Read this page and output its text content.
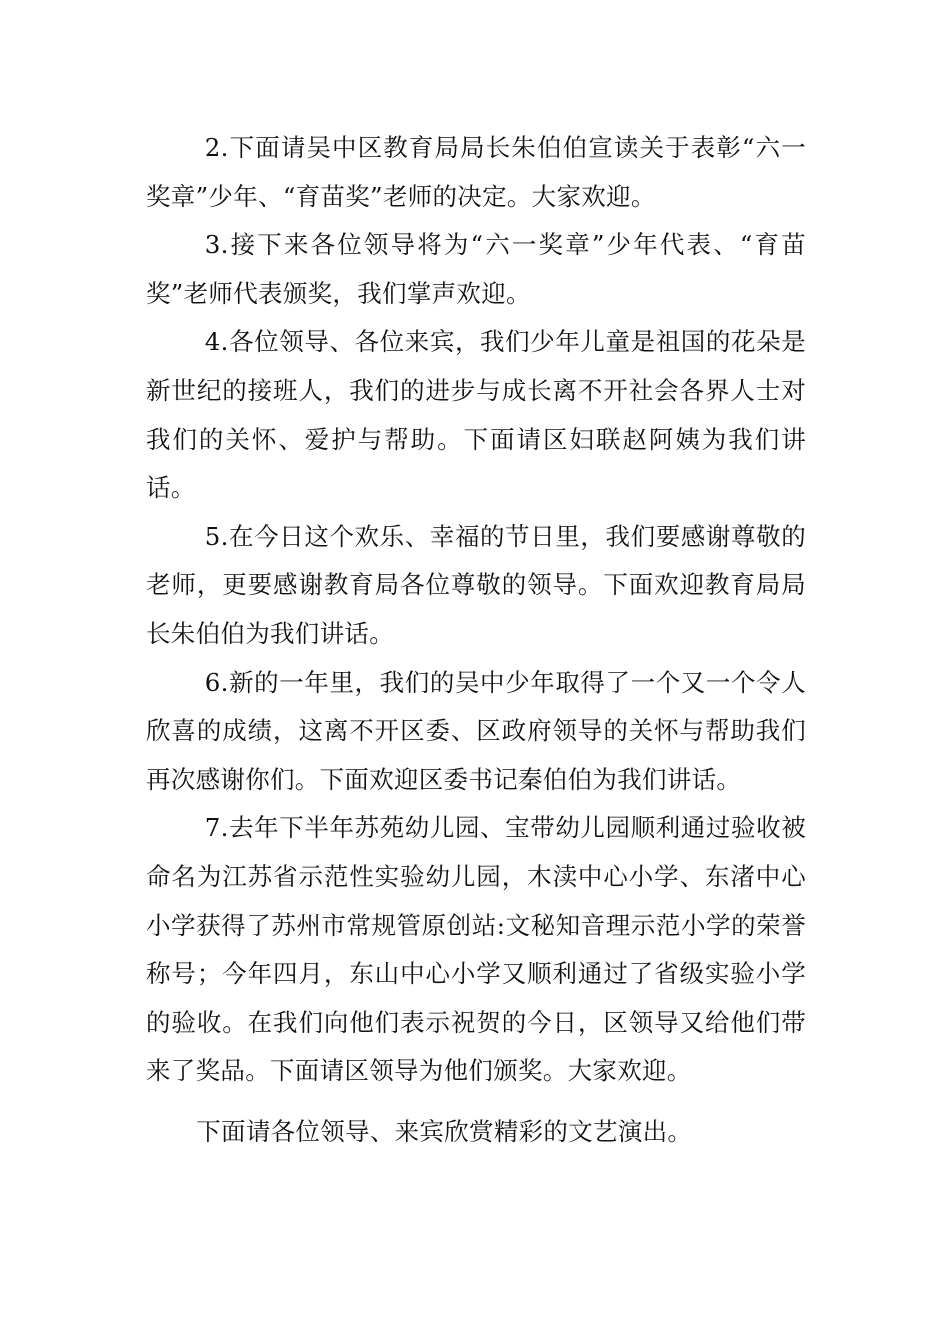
2.下面请吴中区教育局局长朱伯伯宣读关于表彰“六一奖章”少年、“育苗奖”老师的决定。大家欢迎。

3.接下来各位领导将为“六一奖章”少年代表、“育苗奖”老师代表颁奖，我们掌声欢迎。

4.各位领导、各位来宾，我们少年儿童是祖国的花朵是新世纪的接班人，我们的进步与成长离不开社会各界人士对我们的关怀、爱护与帮助。下面请区妇联赵阿姨为我们讲话。

5.在今日这个欢乐、幸福的节日里，我们要感谢尊敬的老师，更要感谢教育局各位尊敬的领导。下面欢迎教育局局长朱伯伯为我们讲话。

6.新的一年里，我们的吴中少年取得了一个又一个令人欣喜的成绩，这离不开区委、区政府领导的关怀与帮助我们再次感谢你们。下面欢迎区委书记秦伯伯为我们讲话。

7.去年下半年苏苑幼儿园、宝带幼儿园顺利通过验收被命名为江苏省示范性实验幼儿园，木渎中心小学、东渚中心小学获得了苏州市常规管原创站:文秘知音理示范小学的荣誉称号；今年四月，东山中心小学又顺利通过了省级实验小学的验收。在我们向他们表示祝贺的今日，区领导又给他们带来了奖品。下面请区领导为他们颁奖。大家欢迎。

下面请各位领导、来宾欣赏精彩的文艺演出。
